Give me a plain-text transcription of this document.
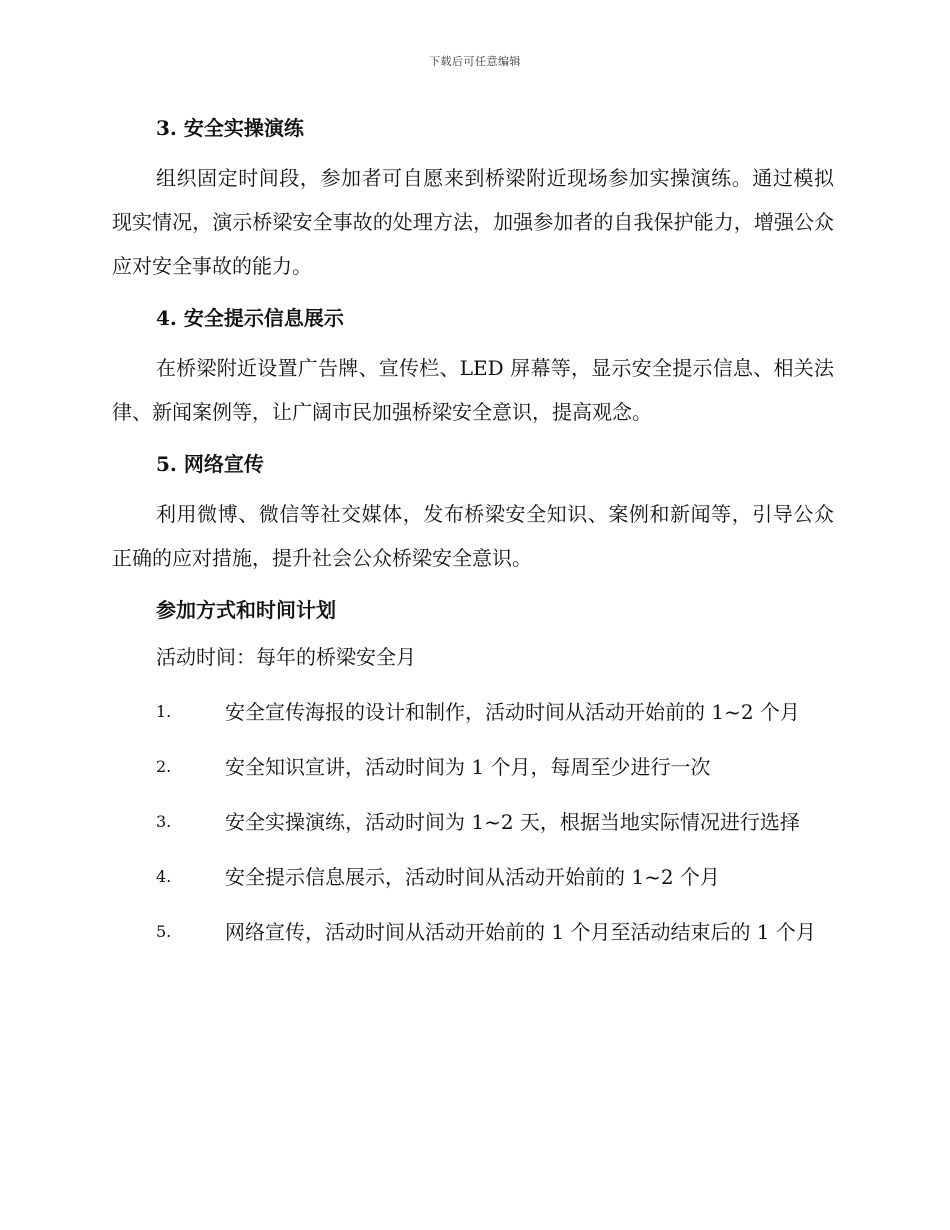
下载后可任意编辑

3. 安全实操演练

组织固定时间段，参加者可自愿来到桥梁附近现场参加实操演练。通过模拟现实情况，演示桥梁安全事故的处理方法，加强参加者的自我保护能力，增强公众应对安全事故的能力。

4. 安全提示信息展示

在桥梁附近设置广告牌、宣传栏、LED 屏幕等，显示安全提示信息、相关法律、新闻案例等，让广阔市民加强桥梁安全意识，提高观念。

5. 网络宣传

利用微博、微信等社交媒体，发布桥梁安全知识、案例和新闻等，引导公众正确的应对措施，提升社会公众桥梁安全意识。

参加方式和时间计划

活动时间：每年的桥梁安全月

1.	安全宣传海报的设计和制作，活动时间从活动开始前的 1~2 个月
2.	安全知识宣讲，活动时间为 1 个月，每周至少进行一次
3.	安全实操演练，活动时间为 1~2 天，根据当地实际情况进行选择
4.	安全提示信息展示，活动时间从活动开始前的 1~2 个月
5.	网络宣传，活动时间从活动开始前的 1 个月至活动结束后的 1 个月
